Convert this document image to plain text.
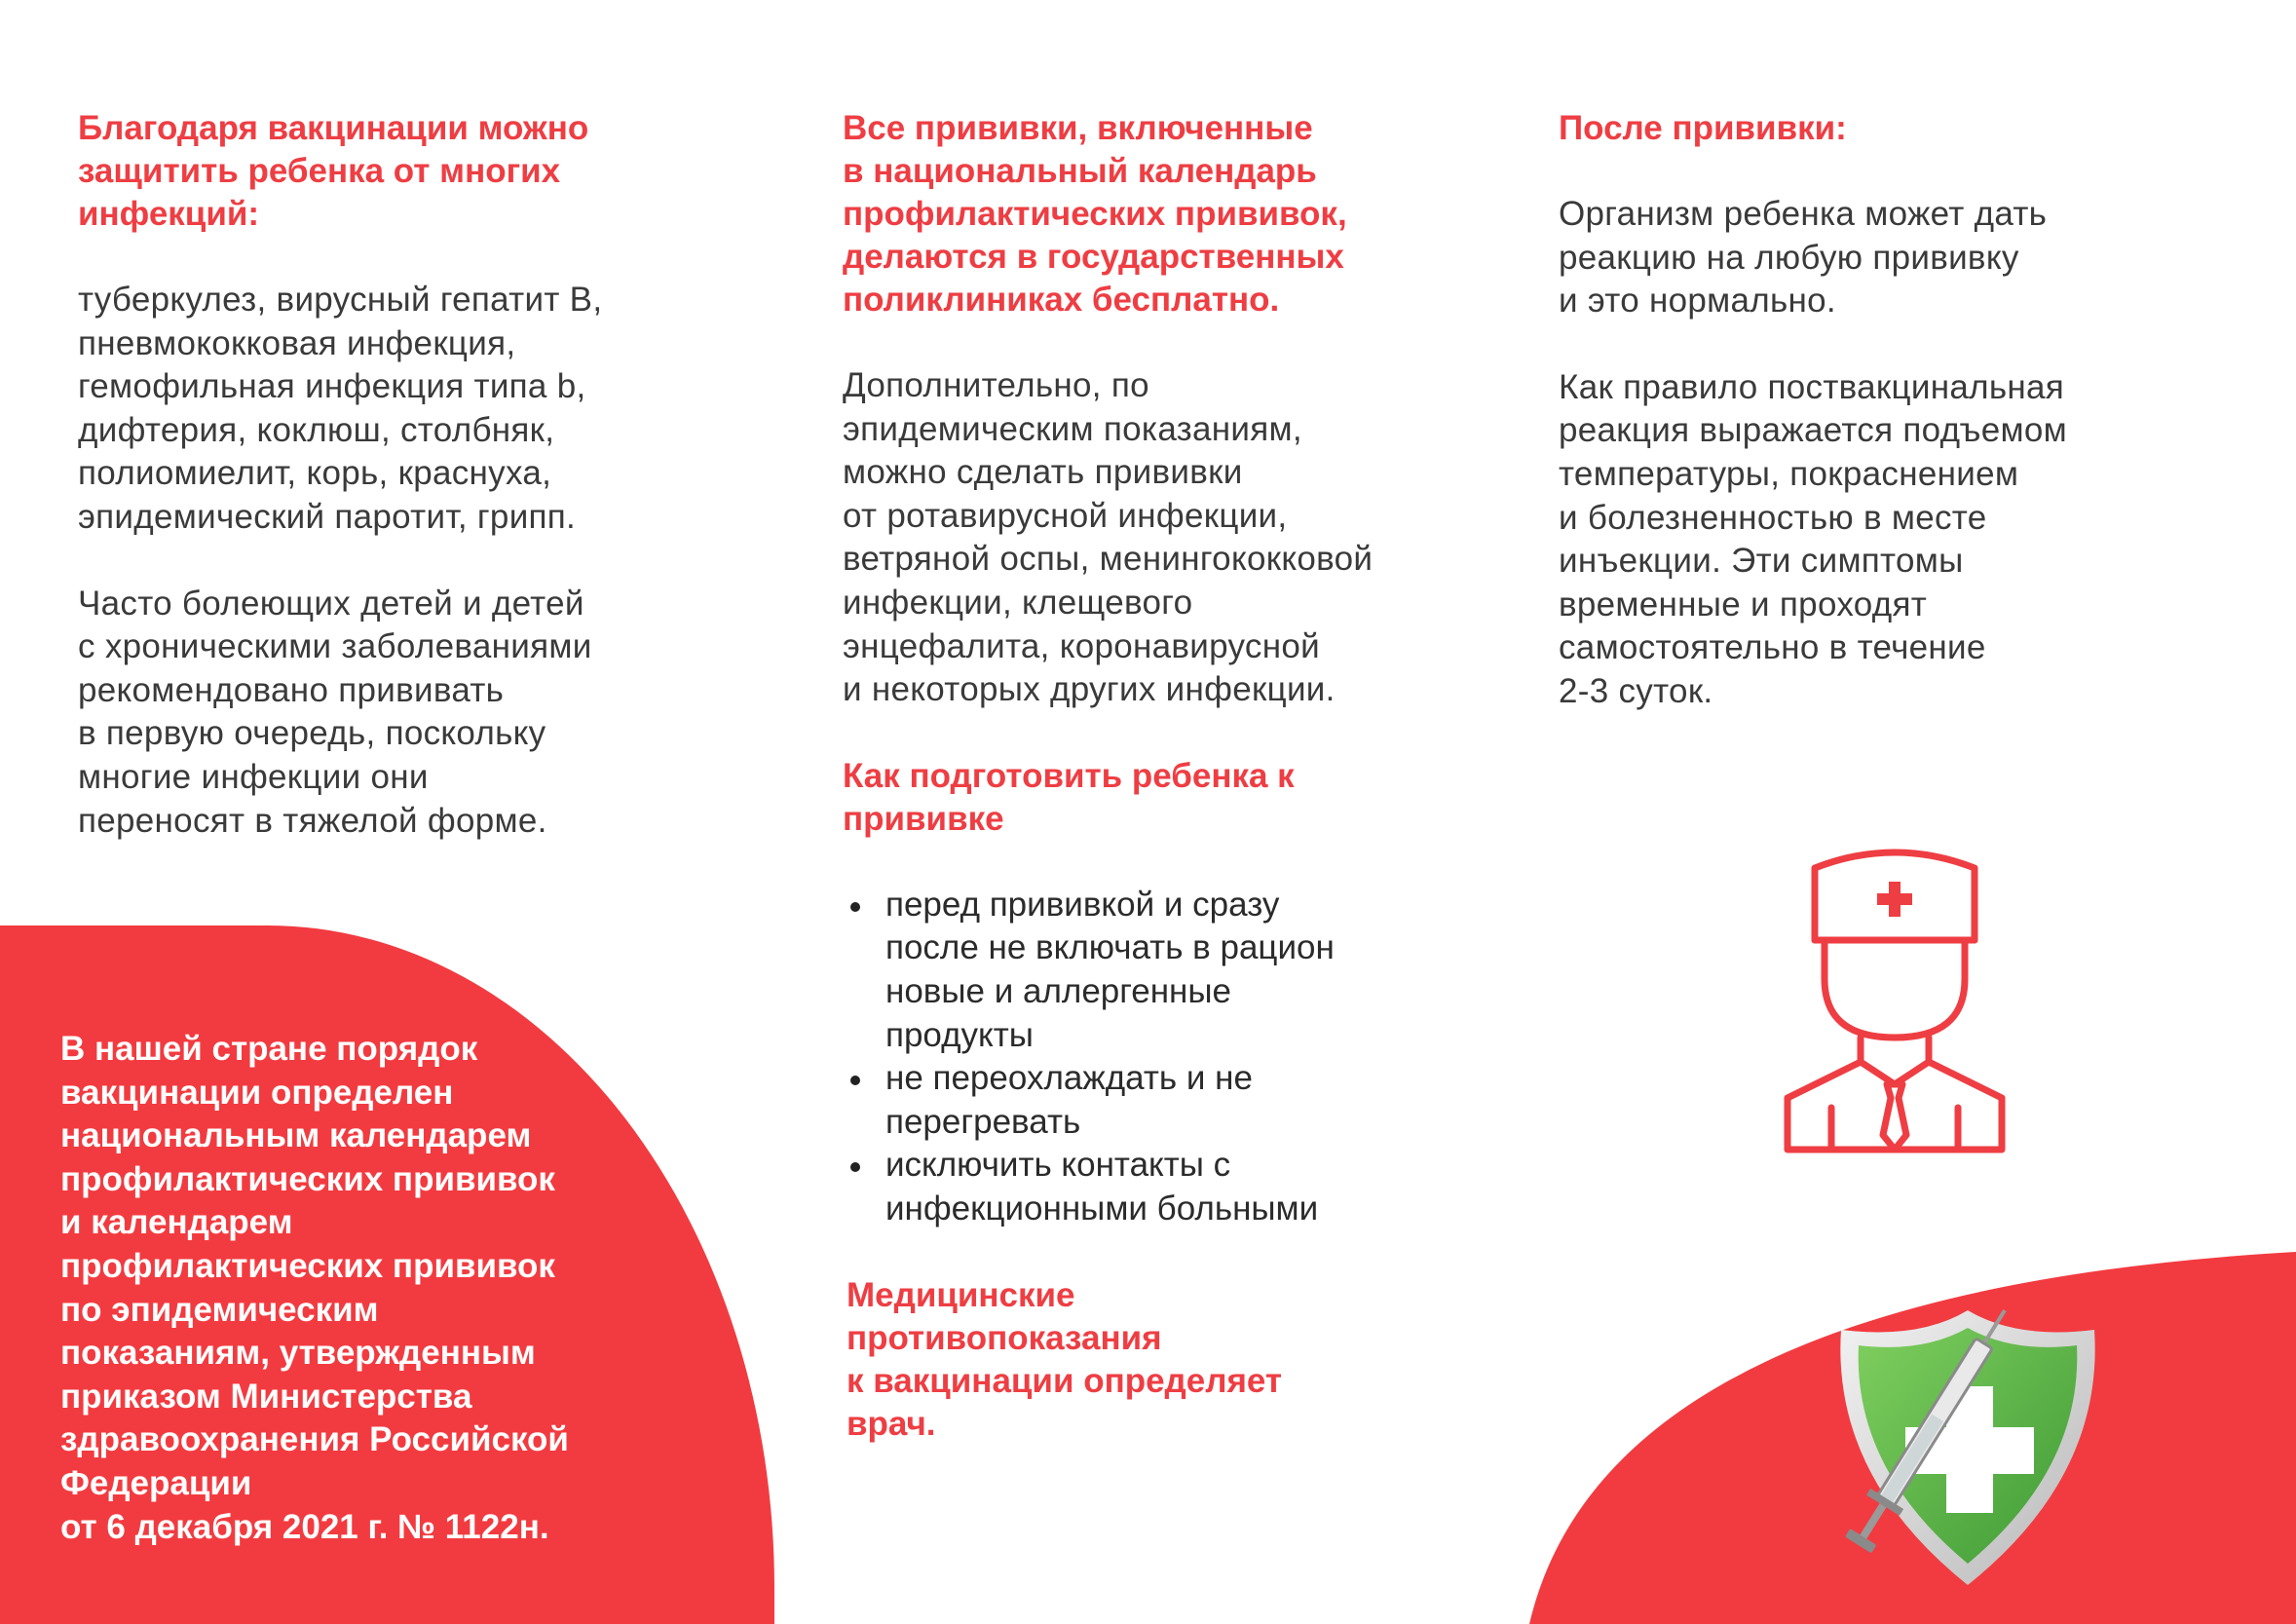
Благодаря вакцинации можно
защитить ребенка от многих
инфекций:

туберкулез, вирусный гепатит В,
пневмококковая инфекция,
гемофильная инфекция типа b,
дифтерия, коклюш, столбняк,
полиомиелит, корь, краснуха,
эпидемический паротит, грипп.

Часто болеющих детей и детей
с хроническими заболеваниями
рекомендовано прививать
в первую очередь, поскольку
многие инфекции они
переносят в тяжелой форме.

В нашей стране порядок
вакцинации определен
национальным календарем
профилактических прививок
и календарем
профилактических прививок
по эпидемическим
показаниям, утвержденным
приказом Министерства
здравоохранения Российской
Федерации
от 6 декабря 2021 г. № 1122н.

Все прививки, включенные
в национальный календарь
профилактических прививок,
делаются в государственных
поликлиниках бесплатно.

Дополнительно, по
эпидемическим показаниям,
можно сделать прививки
от ротавирусной инфекции,
ветряной оспы, менингококковой
инфекции, клещевого
энцефалита, коронавирусной
и некоторых других инфекции.

Как подготовить ребенка к
прививке

перед прививкой и сразу
после не включать в рацион
новые и аллергенные
продукты
не переохлаждать и не
перегревать
исключить контакты с
инфекционными больными

Медицинские
противопоказания
к вакцинации определяет
врач.

После прививки:

Организм ребенка может дать
реакцию на любую прививку
и это нормально.

Как правило поствакцинальная
реакция выражается подъемом
температуры, покраснением
и болезненностью в месте
инъекции. Эти симптомы
временные и проходят
самостоятельно в течение
2-3 суток.
